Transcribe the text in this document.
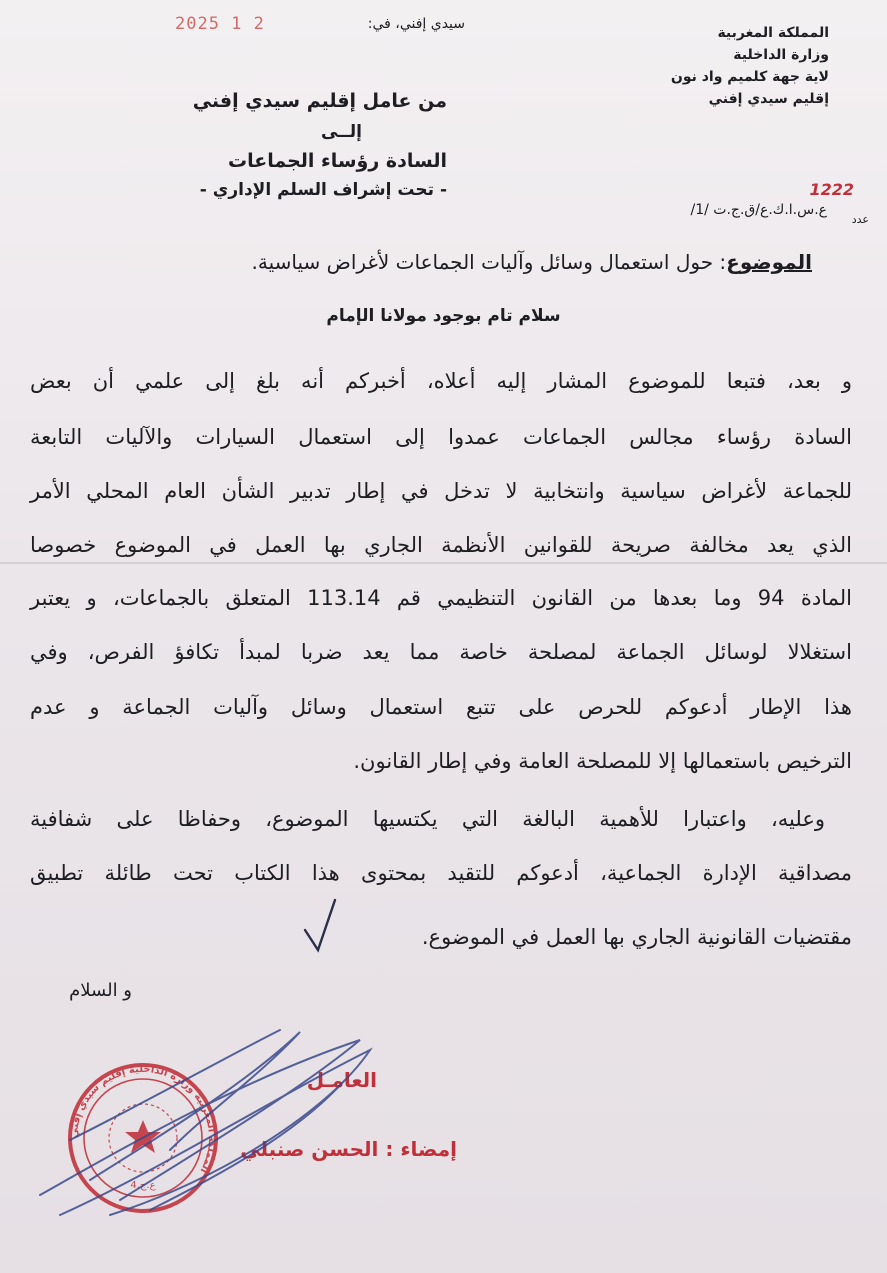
المملكة المغربية
وزارة الداخلية
لاية جهة كلميم واد نون
إقليم سيدي إفني
2025 1 2	سيدي إفني، في:
من عامل إقليم سيدي إفني
إلــى
السادة رؤساء الجماعات
- تحت إشراف السلم الإداري -	1222
عدد
/ع.س.ا.ك.ع/ق.ج.ت /1
الموضوع: حول استعمال وسائل وآليات الجماعات لأغراض سياسية.
سلام تام بوجود مولانا الإمام
و بعد، فتبعا للموضوع المشار إليه أعلاه، أخبركم أنه بلغ إلى علمي أن بعض
السادة رؤساء مجالس الجماعات عمدوا إلى استعمال السيارات والآليات التابعة
للجماعة لأغراض سياسية وانتخابية لا تدخل في إطار تدبير الشأن العام المحلي الأمر
الذي يعد مخالفة صريحة للقوانين الأنظمة الجاري بها العمل في الموضوع خصوصا
المادة 94 وما بعدها من القانون التنظيمي قم 113.14 المتعلق بالجماعات، و يعتبر
استغلالا لوسائل الجماعة لمصلحة خاصة مما يعد ضربا لمبدأ تكافؤ الفرص، وفي
هذا الإطار أدعوكم للحرص على تتبع استعمال وسائل وآليات الجماعة و عدم
الترخيص باستعمالها إلا للمصلحة العامة وفي إطار القانون.
وعليه، واعتبارا للأهمية البالغة التي يكتسيها الموضوع، وحفاظا على شفافية
مصداقية الإدارة الجماعية، أدعوكم للتقيد بمحتوى هذا الكتاب تحت طائلة تطبيق
مقتضيات القانونية الجاري بها العمل في الموضوع.
و السلام
العامـل
إمضاء : الحسن صنبلي
المملكة المغربية وزارة الداخلية إقليم سيدي إفني
ع.ج.4
